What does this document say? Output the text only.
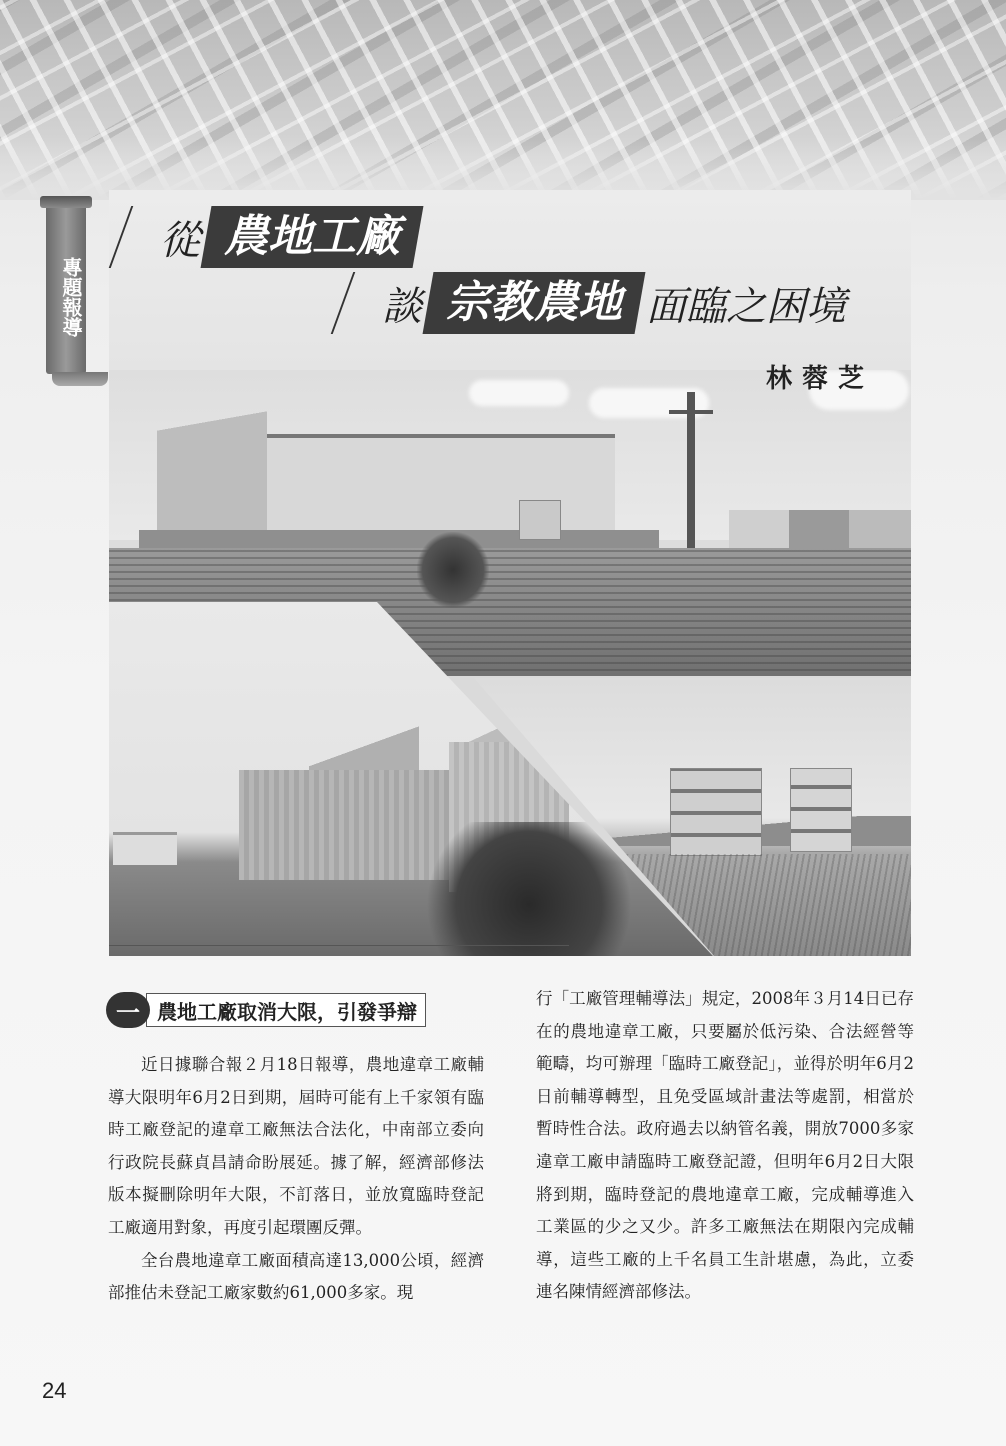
專題報導
從 農地工廠
談 宗教農地 面臨之困境
林蓉芝
一 農地工廠取消大限，引發爭辯

近日據聯合報２月18日報導，農地違章工廠輔導大限明年6月2日到期，屆時可能有上千家領有臨時工廠登記的違章工廠無法合法化，中南部立委向行政院長蘇貞昌請命盼展延。據了解，經濟部修法版本擬刪除明年大限，不訂落日，並放寬臨時登記工廠適用對象，再度引起環團反彈。

全台農地違章工廠面積高達13,000公頃，經濟部推估未登記工廠家數約61,000多家。現

行「工廠管理輔導法」規定，2008年３月14日已存在的農地違章工廠，只要屬於低污染、合法經營等範疇，均可辦理「臨時工廠登記」，並得於明年6月2日前輔導轉型，且免受區域計畫法等處罰，相當於暫時性合法。政府過去以納管名義，開放7000多家違章工廠申請臨時工廠登記證，但明年6月2日大限將到期，臨時登記的農地違章工廠，完成輔導進入工業區的少之又少。許多工廠無法在期限內完成輔導，這些工廠的上千名員工生計堪慮，為此，立委連名陳情經濟部修法。

24
